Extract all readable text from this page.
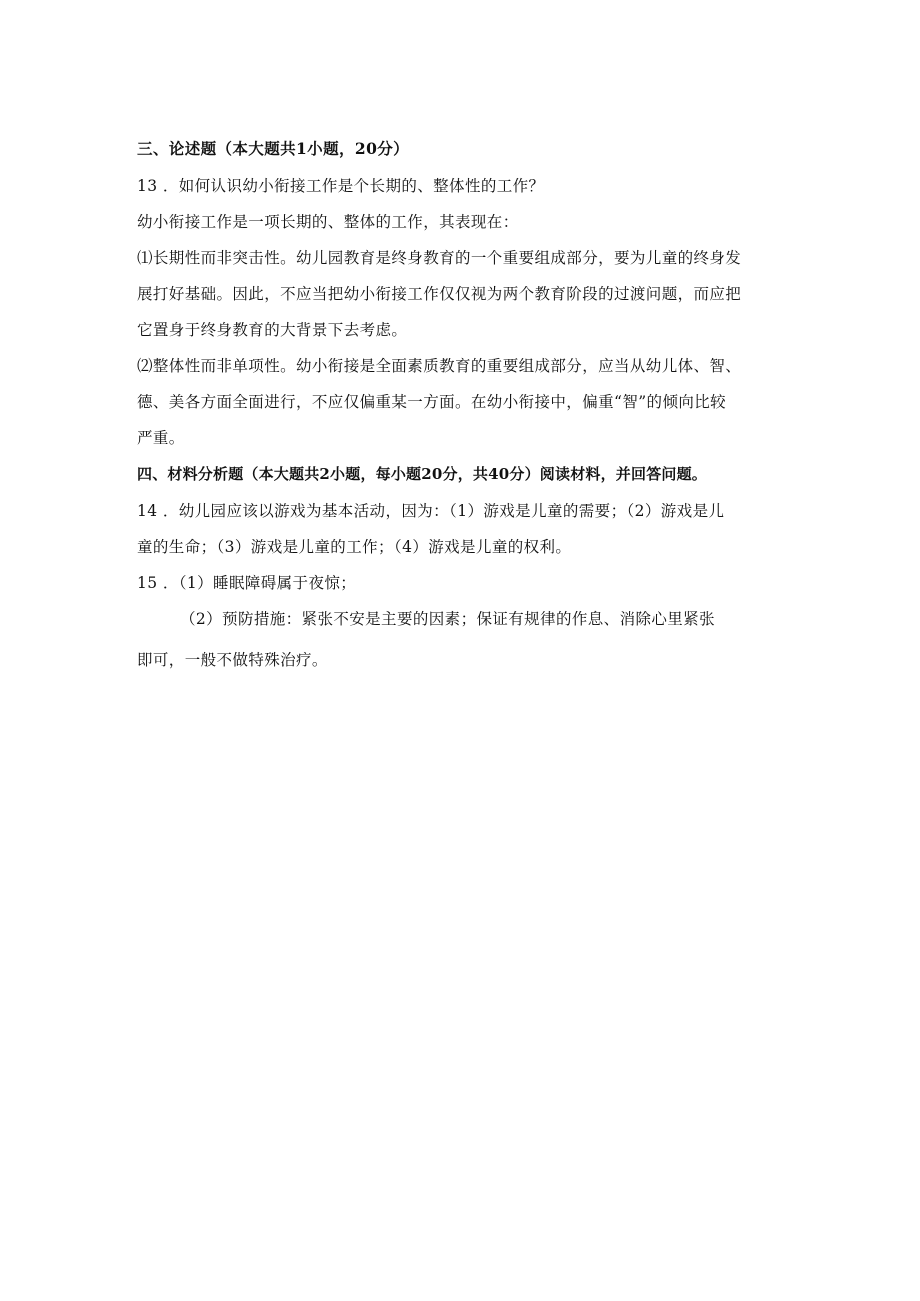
三、论述题（本大题共1小题，20分）
13 ．如何认识幼小衔接工作是个长期的、整体性的工作？
幼小衔接工作是一项长期的、整体的工作，其表现在：
⑴长期性而非突击性。幼儿园教育是终身教育的一个重要组成部分，要为儿童的终身发
展打好基础。因此，不应当把幼小衔接工作仅仅视为两个教育阶段的过渡问题，而应把
它置身于终身教育的大背景下去考虑。
⑵整体性而非单项性。幼小衔接是全面素质教育的重要组成部分，应当从幼儿体、智、
德、美各方面全面进行，不应仅偏重某一方面。在幼小衔接中，偏重“智”的倾向比较
严重。
四、材料分析题（本大题共2小题，每小题20分，共40分）阅读材料，并回答问题。
14 ．幼儿园应该以游戏为基本活动，因为：（1）游戏是儿童的需要；（2）游戏是儿
童的生命；（3）游戏是儿童的工作；（4）游戏是儿童的权利。
15 ．（1）睡眠障碍属于夜惊；
（2）预防措施：紧张不安是主要的因素；保证有规律的作息、消除心里紧张
即可，一般不做特殊治疗。
